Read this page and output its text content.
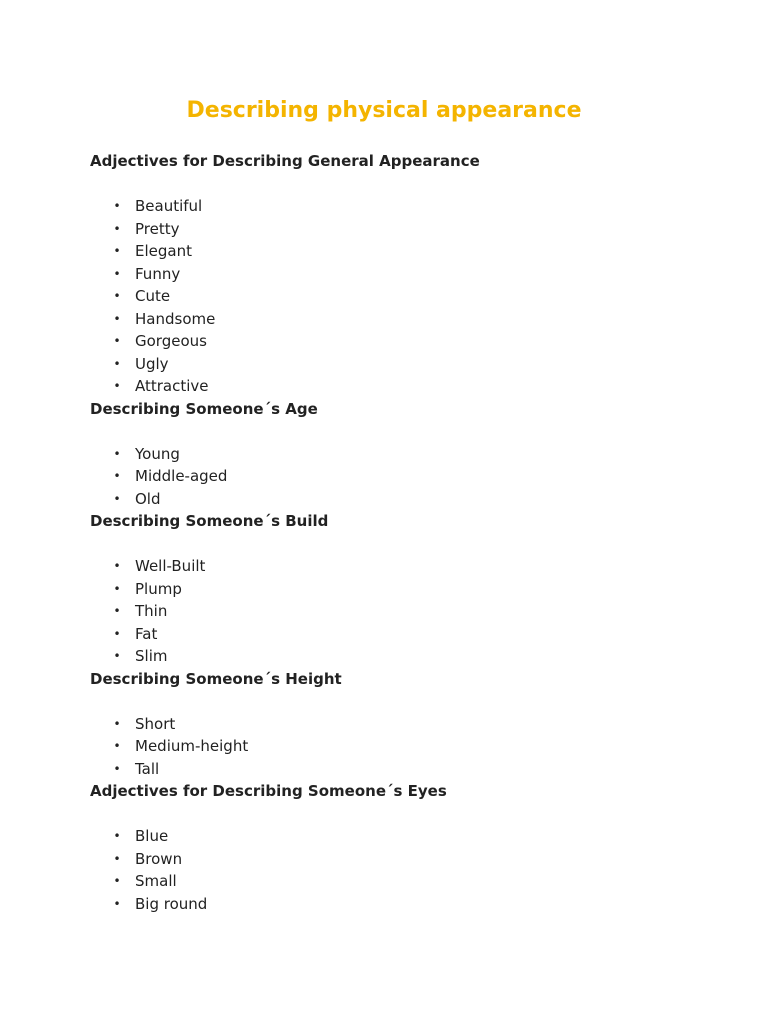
Describing physical appearance
Adjectives for Describing General Appearance
• Beautiful
• Pretty
• Elegant
• Funny
• Cute
• Handsome
• Gorgeous
• Ugly
• Attractive
Describing Someone´s Age
• Young
• Middle-aged
• Old
Describing Someone´s Build
• Well-Built
• Plump
• Thin
• Fat
• Slim
Describing Someone´s Height
• Short
• Medium-height
• Tall
Adjectives for Describing Someone´s Eyes
• Blue
• Brown
• Small
• Big round
